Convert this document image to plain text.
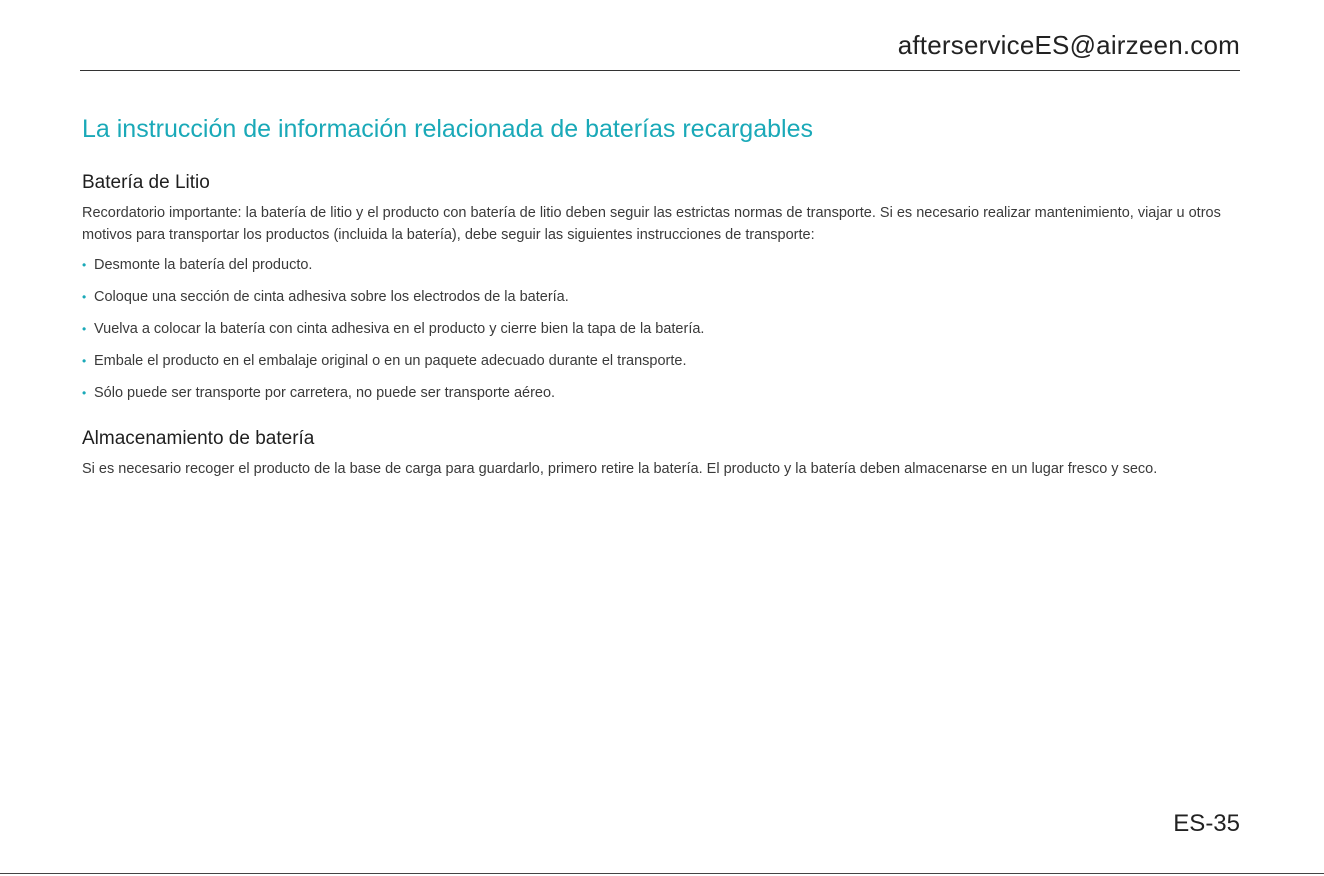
afterserviceES@airzeen.com
La instrucción de información relacionada de baterías recargables
Batería de Litio

Recordatorio importante: la batería de litio y el producto con batería de litio deben seguir las estrictas normas de transporte. Si es necesario realizar mantenimiento, viajar u otros motivos para transportar los productos (incluida la batería), debe seguir las siguientes instrucciones de transporte:

• Desmonte la batería del producto.
• Coloque una sección de cinta adhesiva sobre los electrodos de la batería.
• Vuelva a colocar la batería con cinta adhesiva en el producto y cierre bien la tapa de la batería.
• Embale el producto en el embalaje original o en un paquete adecuado durante el transporte.
• Sólo puede ser transporte por carretera, no puede ser transporte aéreo.
Almacenamiento de batería

Si es necesario recoger el producto de la base de carga para guardarlo, primero retire la batería. El producto y la batería deben almacenarse en un lugar fresco y seco.

ES-35
